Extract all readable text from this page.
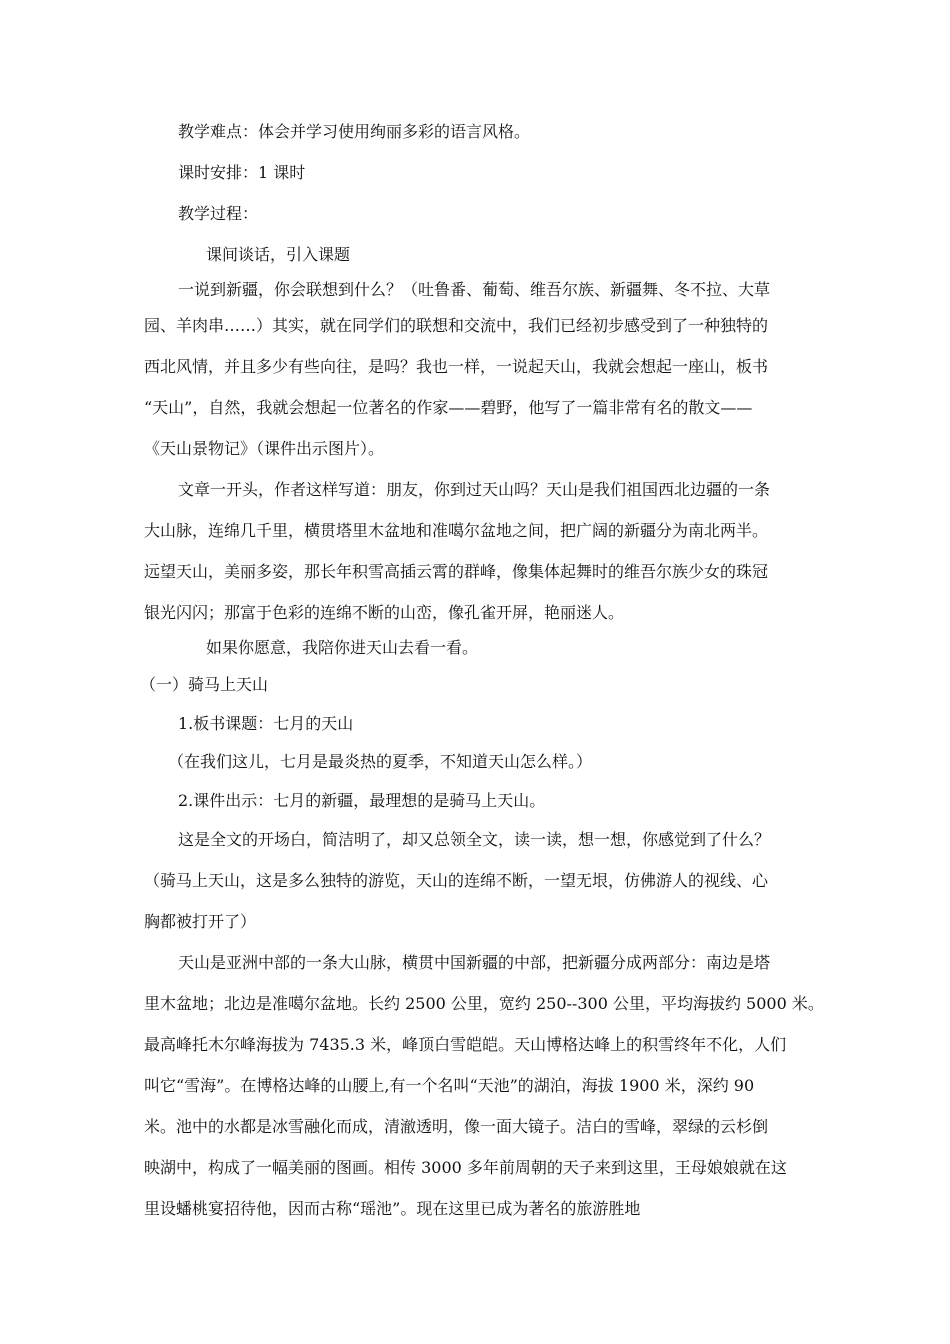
教学难点：体会并学习使用绚丽多彩的语言风格。
课时安排：1 课时
教学过程：
课间谈话，引入课题
一说到新疆，你会联想到什么？（吐鲁番、葡萄、维吾尔族、新疆舞、冬不拉、大草
园、羊肉串……）其实，就在同学们的联想和交流中，我们已经初步感受到了一种独特的
西北风情，并且多少有些向往，是吗？我也一样，一说起天山，我就会想起一座山，板书
“天山”，自然，我就会想起一位著名的作家——碧野，他写了一篇非常有名的散文——
《天山景物记》（课件出示图片）。
文章一开头，作者这样写道：朋友，你到过天山吗？天山是我们祖国西北边疆的一条
大山脉，连绵几千里，横贯塔里木盆地和准噶尔盆地之间，把广阔的新疆分为南北两半。
远望天山，美丽多姿，那长年积雪高插云霄的群峰，像集体起舞时的维吾尔族少女的珠冠
银光闪闪；那富于色彩的连绵不断的山峦，像孔雀开屏，艳丽迷人。
如果你愿意，我陪你进天山去看一看。
（一）骑马上天山
1.板书课题：七月的天山
（在我们这儿，七月是最炎热的夏季，不知道天山怎么样。）
2.课件出示：七月的新疆，最理想的是骑马上天山。
这是全文的开场白，简洁明了，却又总领全文，读一读，想一想，你感觉到了什么？
（骑马上天山，这是多么独特的游览，天山的连绵不断，一望无垠，仿佛游人的视线、心
胸都被打开了）
天山是亚洲中部的一条大山脉，横贯中国新疆的中部，把新疆分成两部分：南边是塔
里木盆地；北边是准噶尔盆地。长约 2500 公里，宽约 250--300 公里，平均海拔约 5000 米。
最高峰托木尔峰海拔为 7435.3 米，峰顶白雪皑皑。天山博格达峰上的积雪终年不化，人们
叫它“雪海”。在博格达峰的山腰上,有一个名叫“天池”的湖泊，海拔 1900 米，深约 90
米。池中的水都是冰雪融化而成，清澈透明，像一面大镜子。洁白的雪峰，翠绿的云杉倒
映湖中，构成了一幅美丽的图画。相传 3000 多年前周朝的天子来到这里，王母娘娘就在这
里设蟠桃宴招待他，因而古称“瑶池”。现在这里已成为著名的旅游胜地
